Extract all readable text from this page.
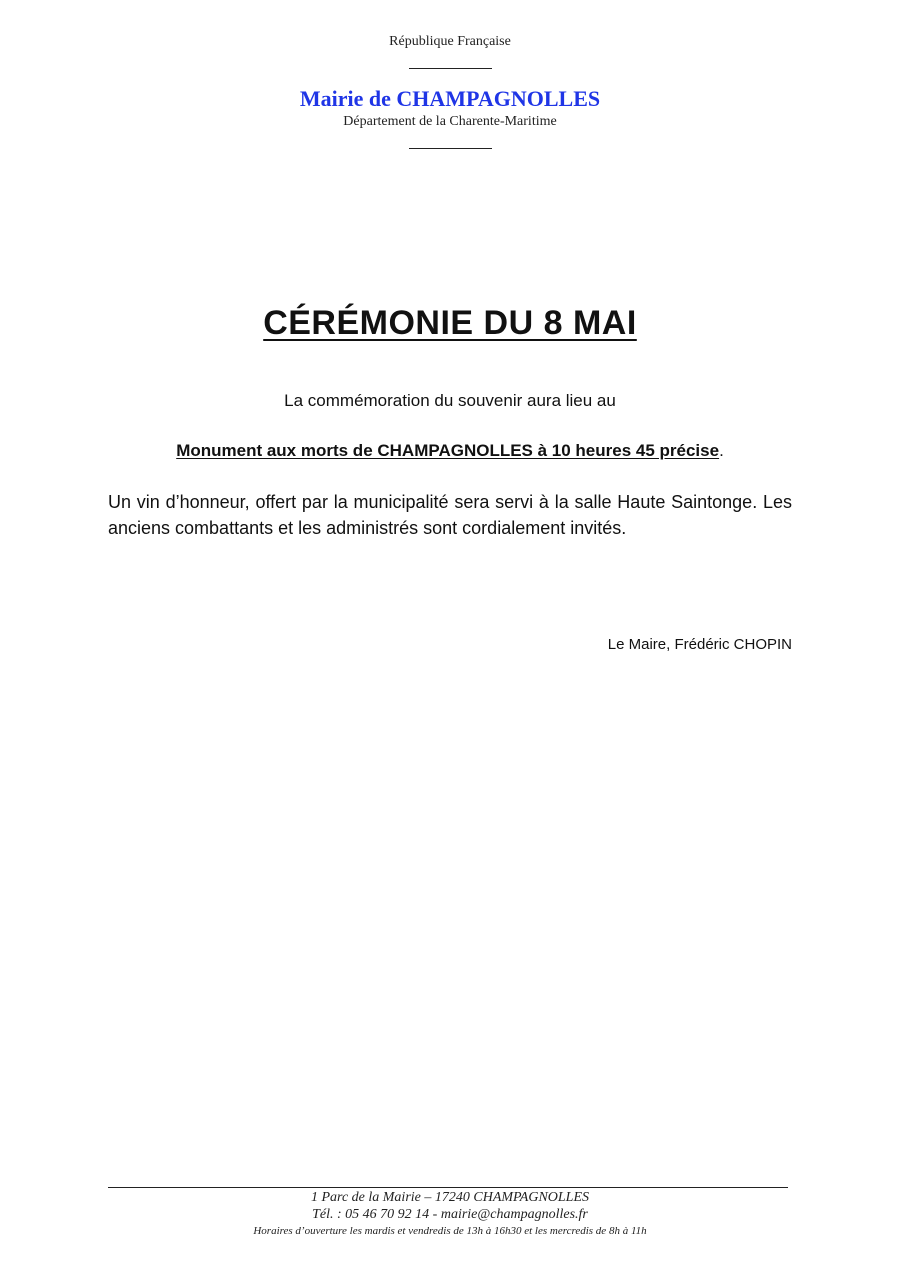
République Française
Mairie de CHAMPAGNOLLES
Département de la Charente-Maritime
CÉRÉMONIE DU 8 MAI
La commémoration du souvenir aura lieu au
Monument aux morts de CHAMPAGNOLLES à 10 heures 45 précise.
Un vin d’honneur, offert par la municipalité sera servi à la salle Haute Saintonge. Les anciens combattants et les administrés sont cordialement invités.
Le Maire, Frédéric CHOPIN
1 Parc de la Mairie – 17240 CHAMPAGNOLLES
Tél. : 05 46 70 92 14 - mairie@champagnolles.fr
Horaires d’ouverture les mardis et vendredis de 13h à 16h30 et les mercredis de 8h à 11h
